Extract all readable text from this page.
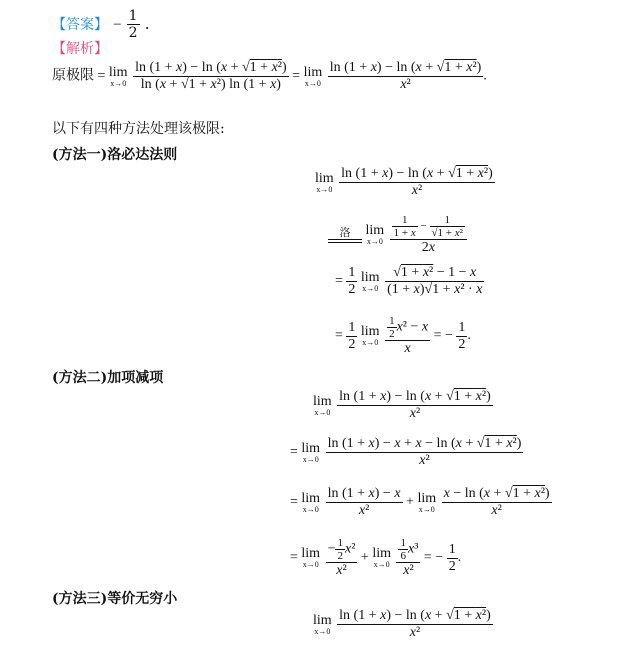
【答案】 − $\frac{1}{2}$ .
【解析】
原极限 = lim
x→0
$\frac{\text{ln (1 + x) − ln (x + √1 + x²)}}{\text{ln (x + √1 + x²) ln (1 + x)}} = \lim$
x→0
$\frac{\text{ln (1 + x) − ln (x + √1 + x²)}}{\text{x²}}$ .
以下有四种方法处理该极限:
(方法一)洛必达法则
lim
x→0
$\frac{\text{ln (1 + x) − ln (x + √1 + x²)}}{\text{x²}}$
洛
	lim
x→0
$\frac{\frac{1}{1 + x} - \frac{1}{\text{√1 + x²}}}{2x}$
= $\frac{1}{2}$
lim
x→0
$\frac{\text{√1 + x² − 1 − x}}{\text{(1 + x)√1 + x² · x}}$
= $\frac{1}{2}$
lim
x→0
$\frac{\frac{1}{2} x^2 - x}{x}$ = − $\frac{1}{2}$ .
(方法二)加项减项
lim
x→0
$\frac{\text{ln (1 + x) − ln (x + √1 + x²)}}{\text{x²}}$
= lim
x→0
$\frac{\text{ln (1 + x) − x + x − ln (x + √1 + x²)}}{\text{x²}}$
= lim
x→0
$\frac{\ln (1 + x) - x}{\text{x²}} + \lim$
x→0
$\frac{\text{x − ln (x + √1 + x²)}}{\text{x²}}$
= lim
x→0
$\frac{- \frac{1}{2} x^2}{\text{x²}} + \lim$
x→0
$\frac{\frac{1}{6} x^3}{\text{x²}}$ = − $\frac{1}{2}$ .
(方法三)等价无穷小
lim
x→0
$\frac{\text{ln (1 + x) − ln (x + √1 + x²)}}{\text{x²}}$
